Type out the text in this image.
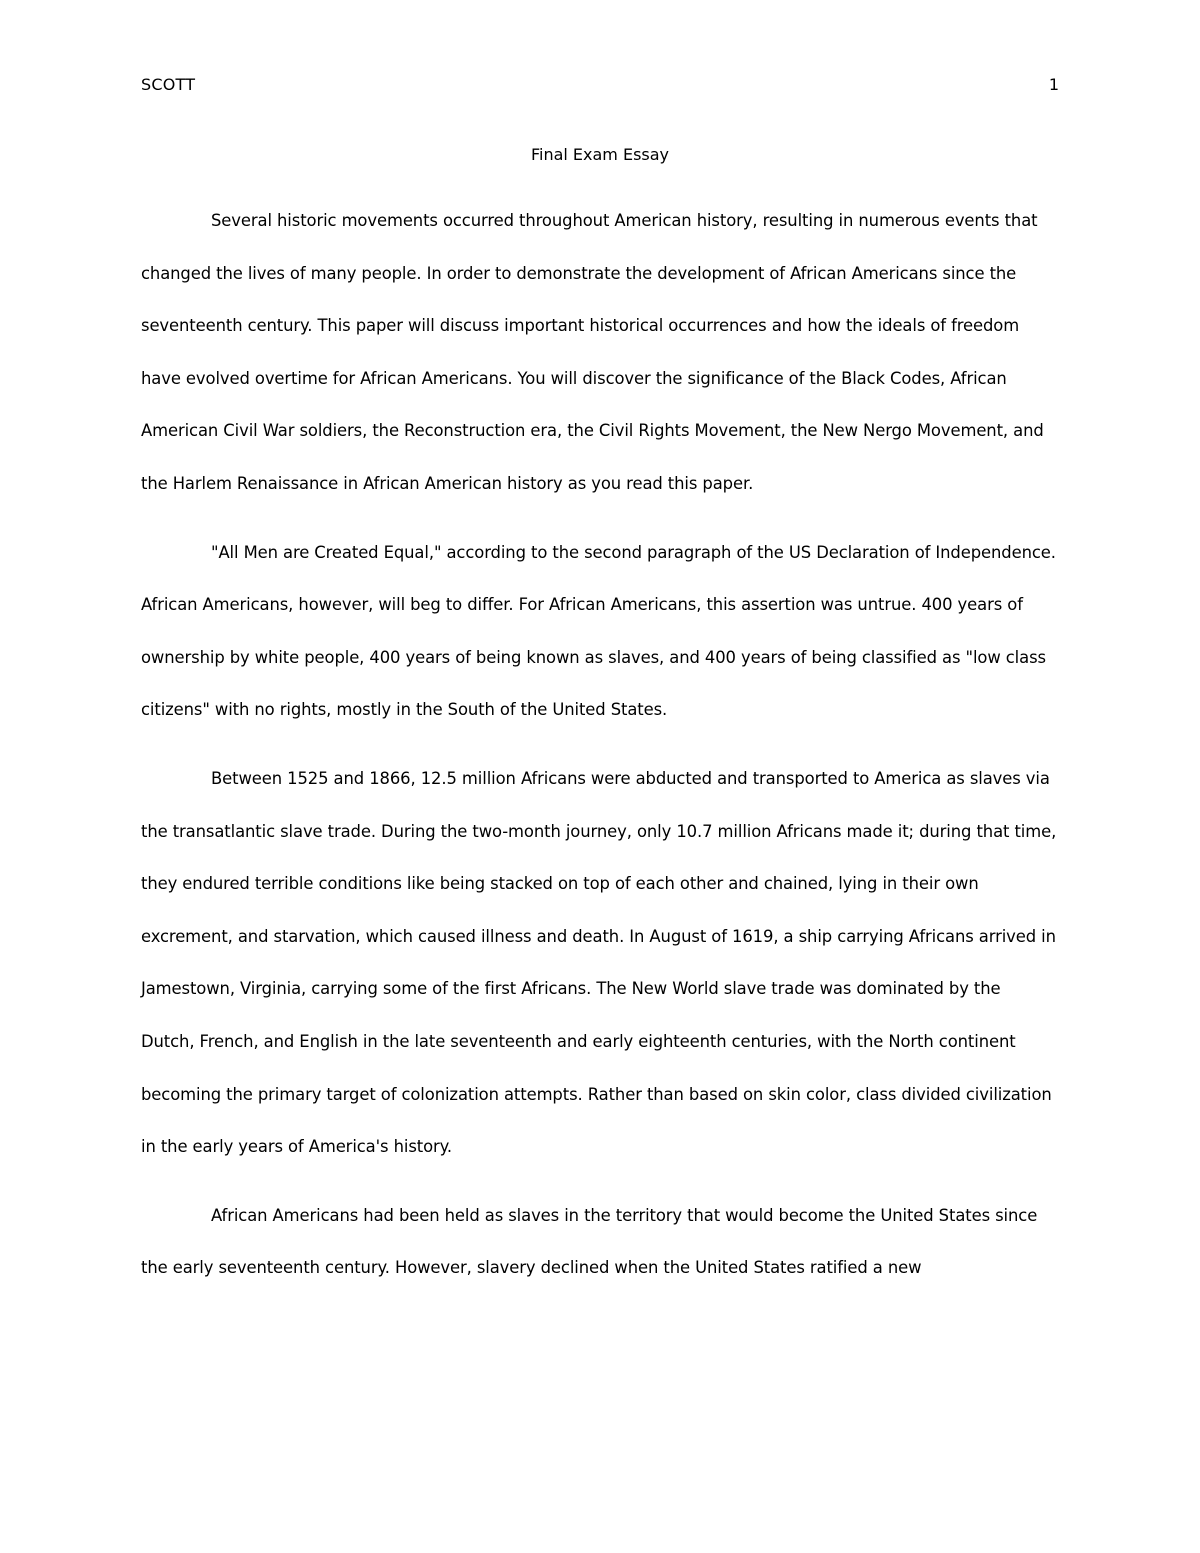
SCOTT	1
Final Exam Essay

Several historic movements occurred throughout American history, resulting in numerous events that changed the lives of many people. In order to demonstrate the development of African Americans since the seventeenth century. This paper will discuss important historical occurrences and how the ideals of freedom have evolved overtime for African Americans. You will discover the significance of the Black Codes, African American Civil War soldiers, the Reconstruction era, the Civil Rights Movement, the New Nergo Movement, and the Harlem Renaissance in African American history as you read this paper.

"All Men are Created Equal," according to the second paragraph of the US Declaration of Independence. African Americans, however, will beg to differ. For African Americans, this assertion was untrue. 400 years of ownership by white people, 400 years of being known as slaves, and 400 years of being classified as "low class citizens" with no rights, mostly in the South of the United States.

Between 1525 and 1866, 12.5 million Africans were abducted and transported to America as slaves via the transatlantic slave trade. During the two-month journey, only 10.7 million Africans made it; during that time, they endured terrible conditions like being stacked on top of each other and chained, lying in their own excrement, and starvation, which caused illness and death. In August of 1619, a ship carrying Africans arrived in Jamestown, Virginia, carrying some of the first Africans. The New World slave trade was dominated by the Dutch, French, and English in the late seventeenth and early eighteenth centuries, with the North continent becoming the primary target of colonization attempts. Rather than based on skin color, class divided civilization in the early years of America's history.

African Americans had been held as slaves in the territory that would become the United States since the early seventeenth century. However, slavery declined when the United States ratified a new
